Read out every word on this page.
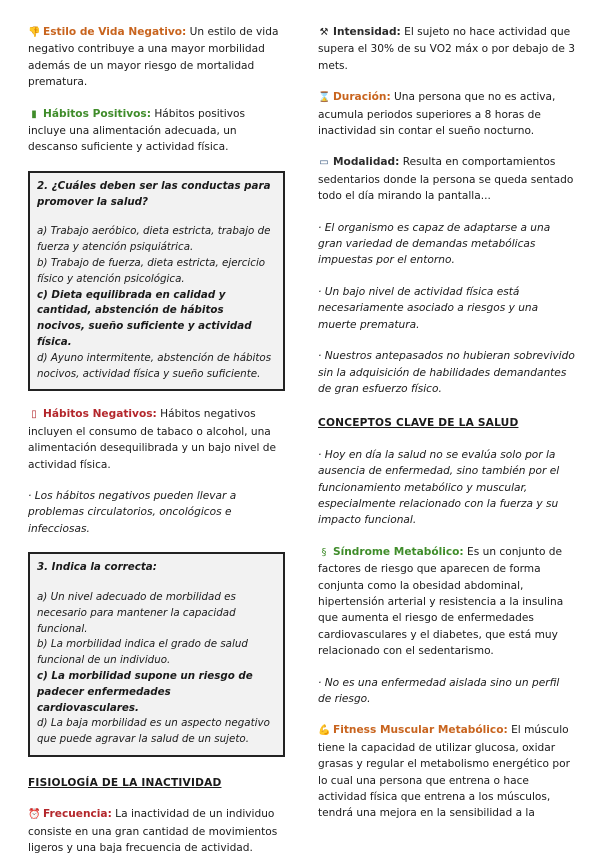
👎 Estilo de Vida Negativo: Un estilo de vida negativo contribuye a una mayor morbilidad además de un mayor riesgo de mortalidad prematura.

▮ Hábitos Positivos: Hábitos positivos incluye una alimentación adecuada, un descanso suficiente y actividad física.

2. ¿Cuáles deben ser las conductas para promover la salud?

a) Trabajo aeróbico, dieta estricta, trabajo de fuerza y atención psiquiátrica.

b) Trabajo de fuerza, dieta estricta, ejercicio físico y atención psicológica.

c) Dieta equilibrada en calidad y cantidad, abstención de hábitos nocivos, sueño suficiente y actividad física.

d) Ayuno intermitente, abstención de hábitos nocivos, actividad física y sueño suficiente.

▯ Hábitos Negativos: Hábitos negativos incluyen el consumo de tabaco o alcohol, una alimentación desequilibrada y un bajo nivel de actividad física.

· Los hábitos negativos pueden llevar a problemas circulatorios, oncológicos e infecciosas.

3. Indica la correcta:

a) Un nivel adecuado de morbilidad es necesario para mantener la capacidad funcional.

b) La morbilidad indica el grado de salud funcional de un individuo.

c) La morbilidad supone un riesgo de padecer enfermedades cardiovasculares.

d) La baja morbilidad es un aspecto negativo que puede agravar la salud de un sujeto.

FISIOLOGÍA DE LA INACTIVIDAD

⏰ Frecuencia: La inactividad de un individuo consiste en una gran cantidad de movimientos ligeros y una baja frecuencia de actividad.

⚒ Intensidad: El sujeto no hace actividad que supera el 30% de su VO2 máx o por debajo de 3 mets.

⌛ Duración: Una persona que no es activa, acumula periodos superiores a 8 horas de inactividad sin contar el sueño nocturno.

▭ Modalidad: Resulta en comportamientos sedentarios donde la persona se queda sentado todo el día mirando la pantalla...

· El organismo es capaz de adaptarse a una gran variedad de demandas metabólicas impuestas por el entorno.

· Un bajo nivel de actividad física está necesariamente asociado a riesgos y una muerte prematura.

· Nuestros antepasados no hubieran sobrevivido sin la adquisición de habilidades demandantes de gran esfuerzo físico.

CONCEPTOS CLAVE DE LA SALUD

· Hoy en día la salud no se evalúa solo por la ausencia de enfermedad, sino también por el funcionamiento metabólico y muscular, especialmente relacionado con la fuerza y su impacto funcional.

§ Síndrome Metabólico: Es un conjunto de factores de riesgo que aparecen de forma conjunta como la obesidad abdominal, hipertensión arterial y resistencia a la insulina que aumenta el riesgo de enfermedades cardiovasculares y el diabetes, que está muy relacionado con el sedentarismo.

· No es una enfermedad aislada sino un perfil de riesgo.

💪 Fitness Muscular Metabólico: El músculo tiene la capacidad de utilizar glucosa, oxidar grasas y regular el metabolismo energético por lo cual una persona que entrena o hace actividad física que entrena a los músculos, tendrá una mejora en la sensibilidad a la
